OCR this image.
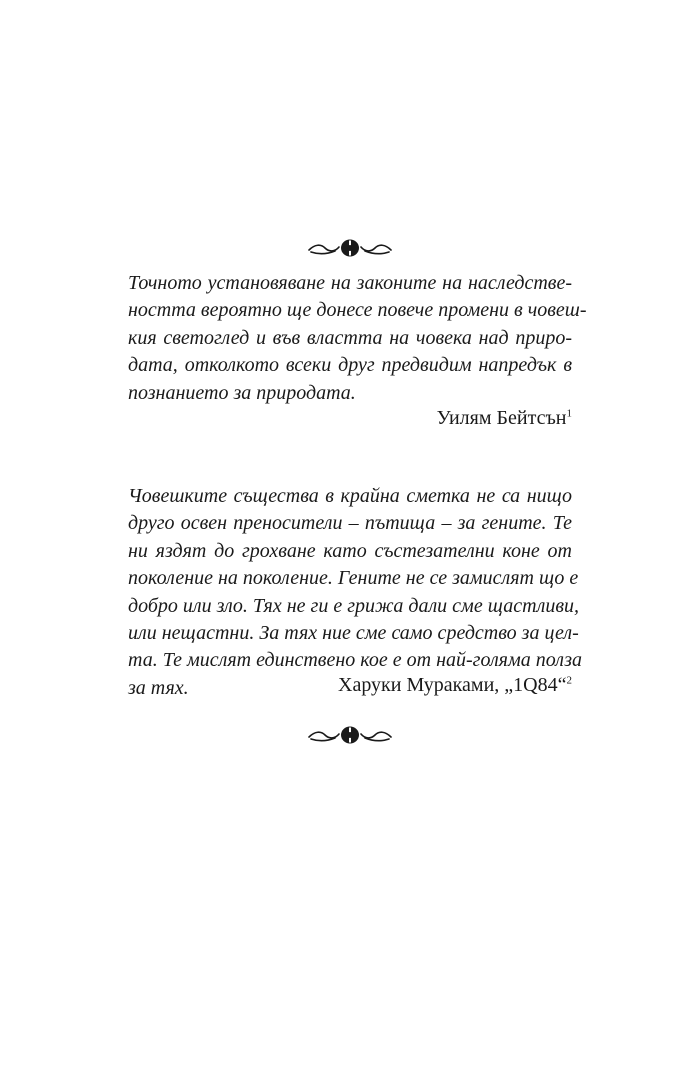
Точното установяване на законите на наследстве-
ността вероятно ще донесе повече промени в човеш-
кия светоглед и във властта на човека над приро-
дата, отколкото всеки друг предвидим напредък в
познанието за природата.
Уилям Бейтсън$^1$
Човешките същества в крайна сметка не са нищо
друго освен преносители – пътища – за гените. Те
ни яздят до грохване като състезателни коне от
поколение на поколение. Гените не се замислят що е
добро или зло. Тях не ги е грижа дали сме щастливи,
или нещастни. За тях ние сме само средство за цел-
та. Те мислят единствено кое е от най-голяма полза
за тях.	Харуки Мураками, „1Q84“$^2$
